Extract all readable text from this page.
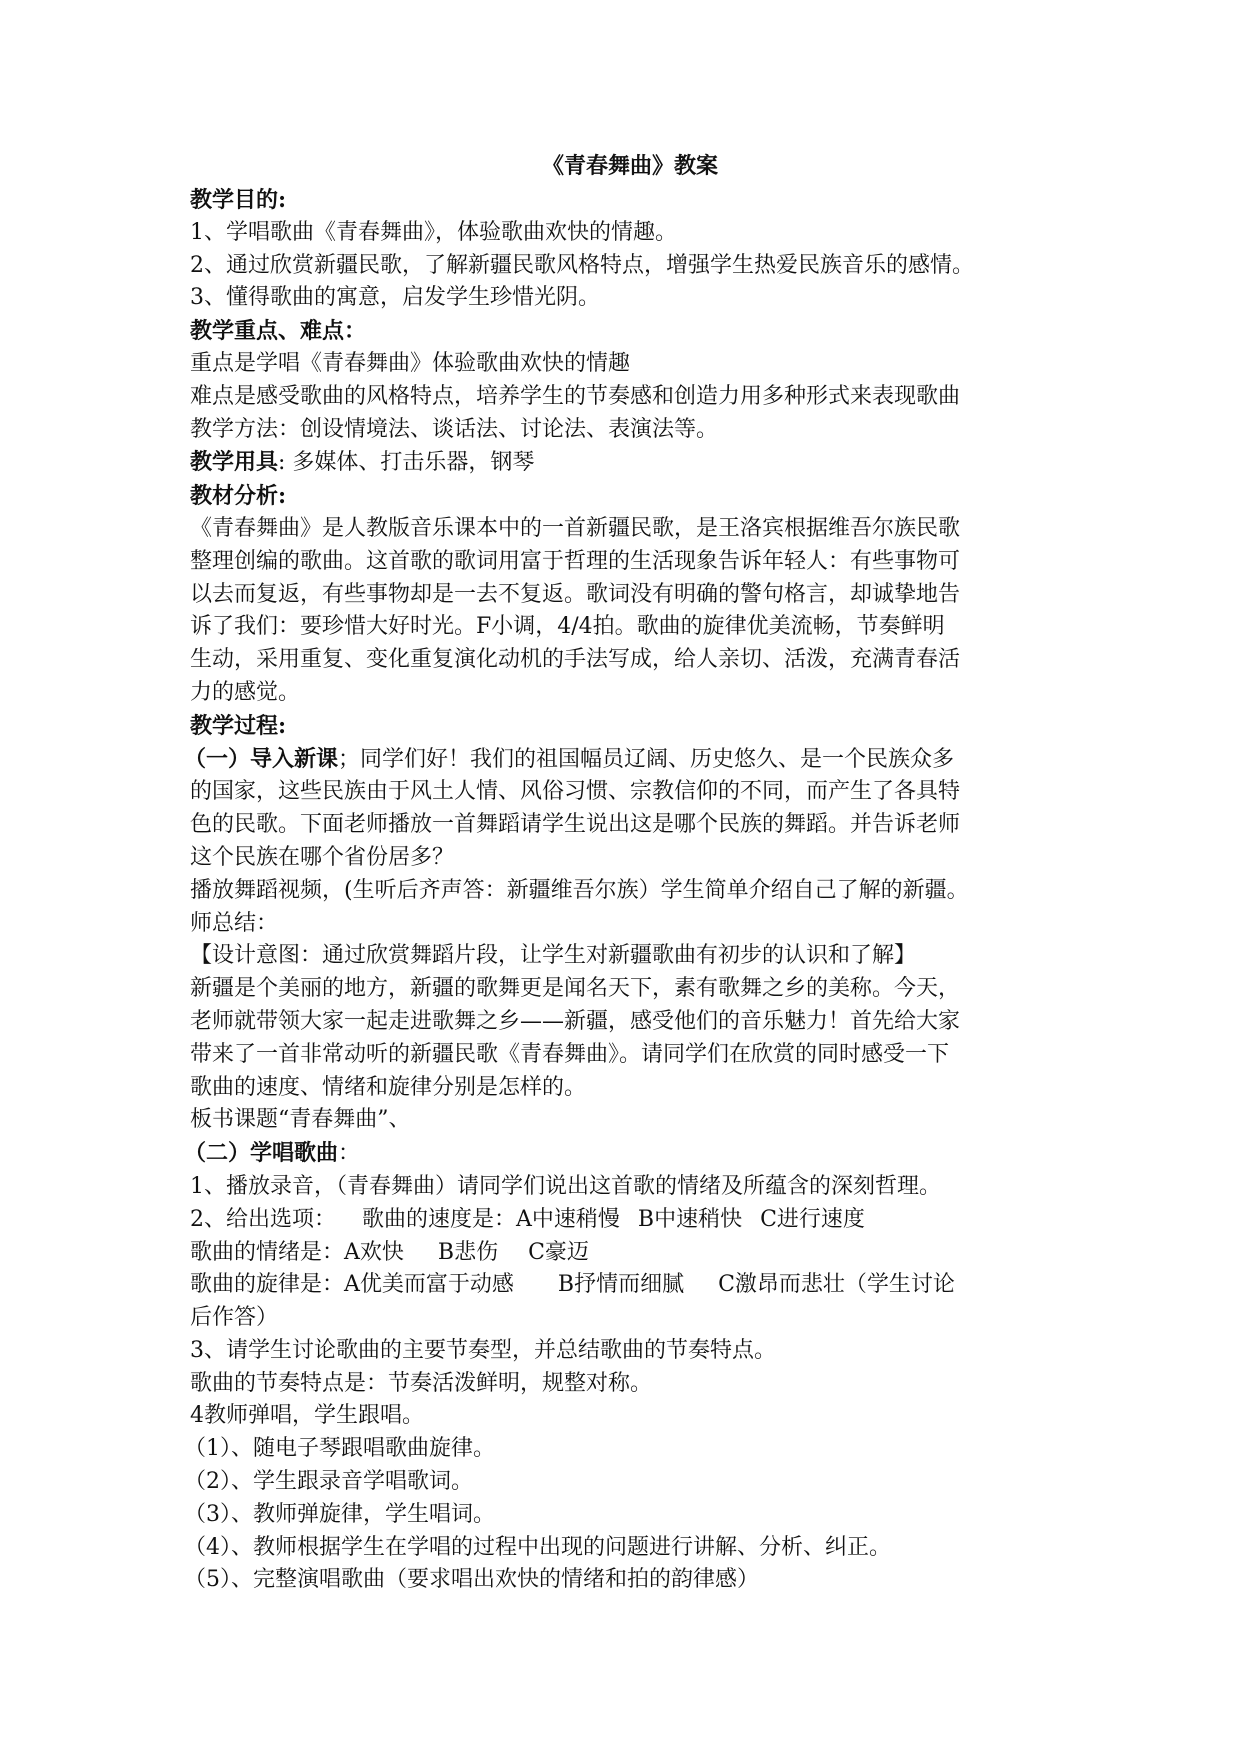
《青春舞曲》教案

教学目的:

1、学唱歌曲《青春舞曲》，体验歌曲欢快的情趣。

2、通过欣赏新疆民歌，了解新疆民歌风格特点，增强学生热爱民族音乐的感情。

3、懂得歌曲的寓意，启发学生珍惜光阴。

教学重点、难点：

重点是学唱《青春舞曲》体验歌曲欢快的情趣

难点是感受歌曲的风格特点，培养学生的节奏感和创造力用多种形式来表现歌曲

教学方法：创设情境法、谈话法、讨论法、表演法等。

教学用具: 多媒体、打击乐器，钢琴

教材分析:

《青春舞曲》是人教版音乐课本中的一首新疆民歌，是王洛宾根据维吾尔族民歌

整理创编的歌曲。这首歌的歌词用富于哲理的生活现象告诉年轻人：有些事物可

以去而复返，有些事物却是一去不复返。歌词没有明确的警句格言，却诚挚地告

诉了我们：要珍惜大好时光。F小调，4/4拍。歌曲的旋律优美流畅，节奏鲜明

生动，采用重复、变化重复演化动机的手法写成，给人亲切、活泼，充满青春活

力的感觉。

教学过程:

（一）导入新课；同学们好！我们的祖国幅员辽阔、历史悠久、是一个民族众多

的国家，这些民族由于风土人情、风俗习惯、宗教信仰的不同，而产生了各具特

色的民歌。下面老师播放一首舞蹈请学生说出这是哪个民族的舞蹈。并告诉老师

这个民族在哪个省份居多？

播放舞蹈视频，(生听后齐声答：新疆维吾尔族）学生简单介绍自己了解的新疆。

师总结：

【设计意图：通过欣赏舞蹈片段，让学生对新疆歌曲有初步的认识和了解】

新疆是个美丽的地方，新疆的歌舞更是闻名天下，素有歌舞之乡的美称。今天，

老师就带领大家一起走进歌舞之乡——新疆，感受他们的音乐魅力！首先给大家

带来了一首非常动听的新疆民歌《青春舞曲》。请同学们在欣赏的同时感受一下

歌曲的速度、情绪和旋律分别是怎样的。

板书课题“青春舞曲”、

（二）学唱歌曲：

1、播放录音，（青春舞曲）请同学们说出这首歌的情绪及所蕴含的深刻哲理。

2、给出选项： 歌曲的速度是：A中速稍慢 B中速稍快 C进行速度

歌曲的情绪是：A欢快 B悲伤 C豪迈

歌曲的旋律是：A优美而富于动感 B抒情而细腻 C激昂而悲壮（学生讨论

后作答）

3、请学生讨论歌曲的主要节奏型，并总结歌曲的节奏特点。

歌曲的节奏特点是：节奏活泼鲜明，规整对称。

4教师弹唱，学生跟唱。

（1）、随电子琴跟唱歌曲旋律。

（2）、学生跟录音学唱歌词。

（3）、教师弹旋律，学生唱词。

（4）、教师根据学生在学唱的过程中出现的问题进行讲解、分析、纠正。

（5）、完整演唱歌曲（要求唱出欢快的情绪和拍的韵律感）
